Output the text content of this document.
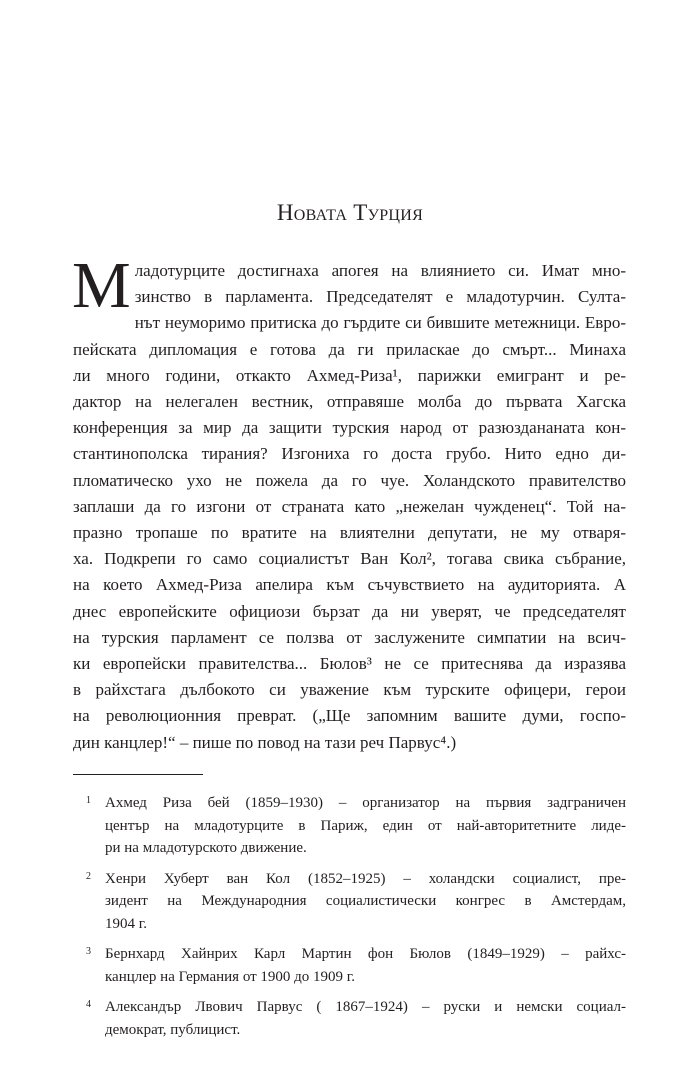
Новата Турция
М ладотурците достигнаха апогея на влиянието си. Имат мно-
зинство в парламента. Председателят е младотурчин. Султа-
нът неуморимо притиска до гърдите си бившите метежници. Евро-
пейската дипломация е готова да ги приласкае до смърт... Минаха
ли много години, откакто Ахмед-Риза¹, парижки емигрант и ре-
дактор на нелегален вестник, отправяше молба до първата Хагска
конференция за мир да защити турския народ от разюздананата кон-
стантинополска тирания? Изгониха го доста грубо. Нито едно ди-
пломатическо ухо не пожела да го чуе. Холандското правителство
заплаши да го изгони от страната като „нежелан чужденец“. Той на-
празно тропаше по вратите на влиятелни депутати, не му отваря-
ха. Подкрепи го само социалистът Ван Кол², тогава свика събрание,
на което Ахмед-Риза апелира към съчувствието на аудиторията. А
днес европейските официози бързат да ни уверят, че председателят
на турския парламент се ползва от заслужените симпатии на всич-
ки европейски правителства... Бюлов³ не се притеснява да изразява
в райхстага дълбокото си уважение към турските офицери, герои
на революционния преврат. („Ще запомним вашите думи, госпо-
дин канцлер!“ – пише по повод на тази реч Парвус⁴.)
1 Ахмед Риза бей (1859–1930) – организатор на първия задграничен
център на младотурците в Париж, един от най-авторитетните лиде-
ри на младотурското движение.
2 Хенри Хуберт ван Кол (1852–1925) – холандски социалист, пре-
зидент на Международния социалистически конгрес в Амстердам,
1904 г.
3 Бернхард Хайнрих Карл Мартин фон Бюлов (1849–1929) – райхс-
канцлер на Германия от 1900 до 1909 г.
4 Александър Лвович Парвус ( 1867–1924) – руски и немски социал-
демократ, публицист.
